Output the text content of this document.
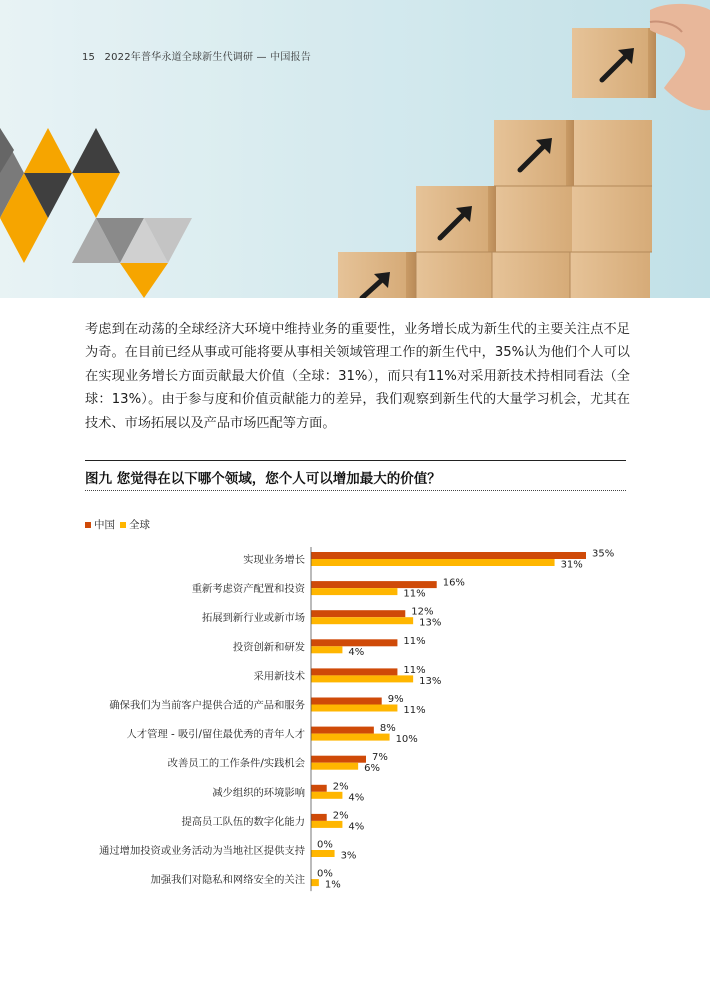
15 2022年普华永道全球新生代调研 — 中国报告
考虑到在动荡的全球经济大环境中维持业务的重要性，业务增长成为新生代的主要关注点不足为奇。在目前已经从事或可能将要从事相关领域管理工作的新生代中，35%认为他们个人可以在实现业务增长方面贡献最大价值（全球：31%），而只有11%对采用新技术持相同看法（全球：13%）。由于参与度和价值贡献能力的差异，我们观察到新生代的大量学习机会，尤其在技术、市场拓展以及产品市场匹配等方面。
图九 您觉得在以下哪个领域，您个人可以增加最大的价值？
中国 全球
实现业务增长	35%
31%
重新考虑资产配置和投资	16%
11%
拓展到新行业或新市场	12%
13%
投资创新和研发	11%
4%
采用新技术	11%
13%
确保我们为当前客户提供合适的产品和服务	9%
11%
人才管理 - 吸引/留住最优秀的青年人才	8%
10%
改善员工的工作条件/实践机会	7%
6%
减少组织的环境影响	2%
4%
提高员工队伍的数字化能力	2%
4%
通过增加投资或业务活动为当地社区提供支持 0%
3%
加强我们对隐私和网络安全的关注 0%
1%
